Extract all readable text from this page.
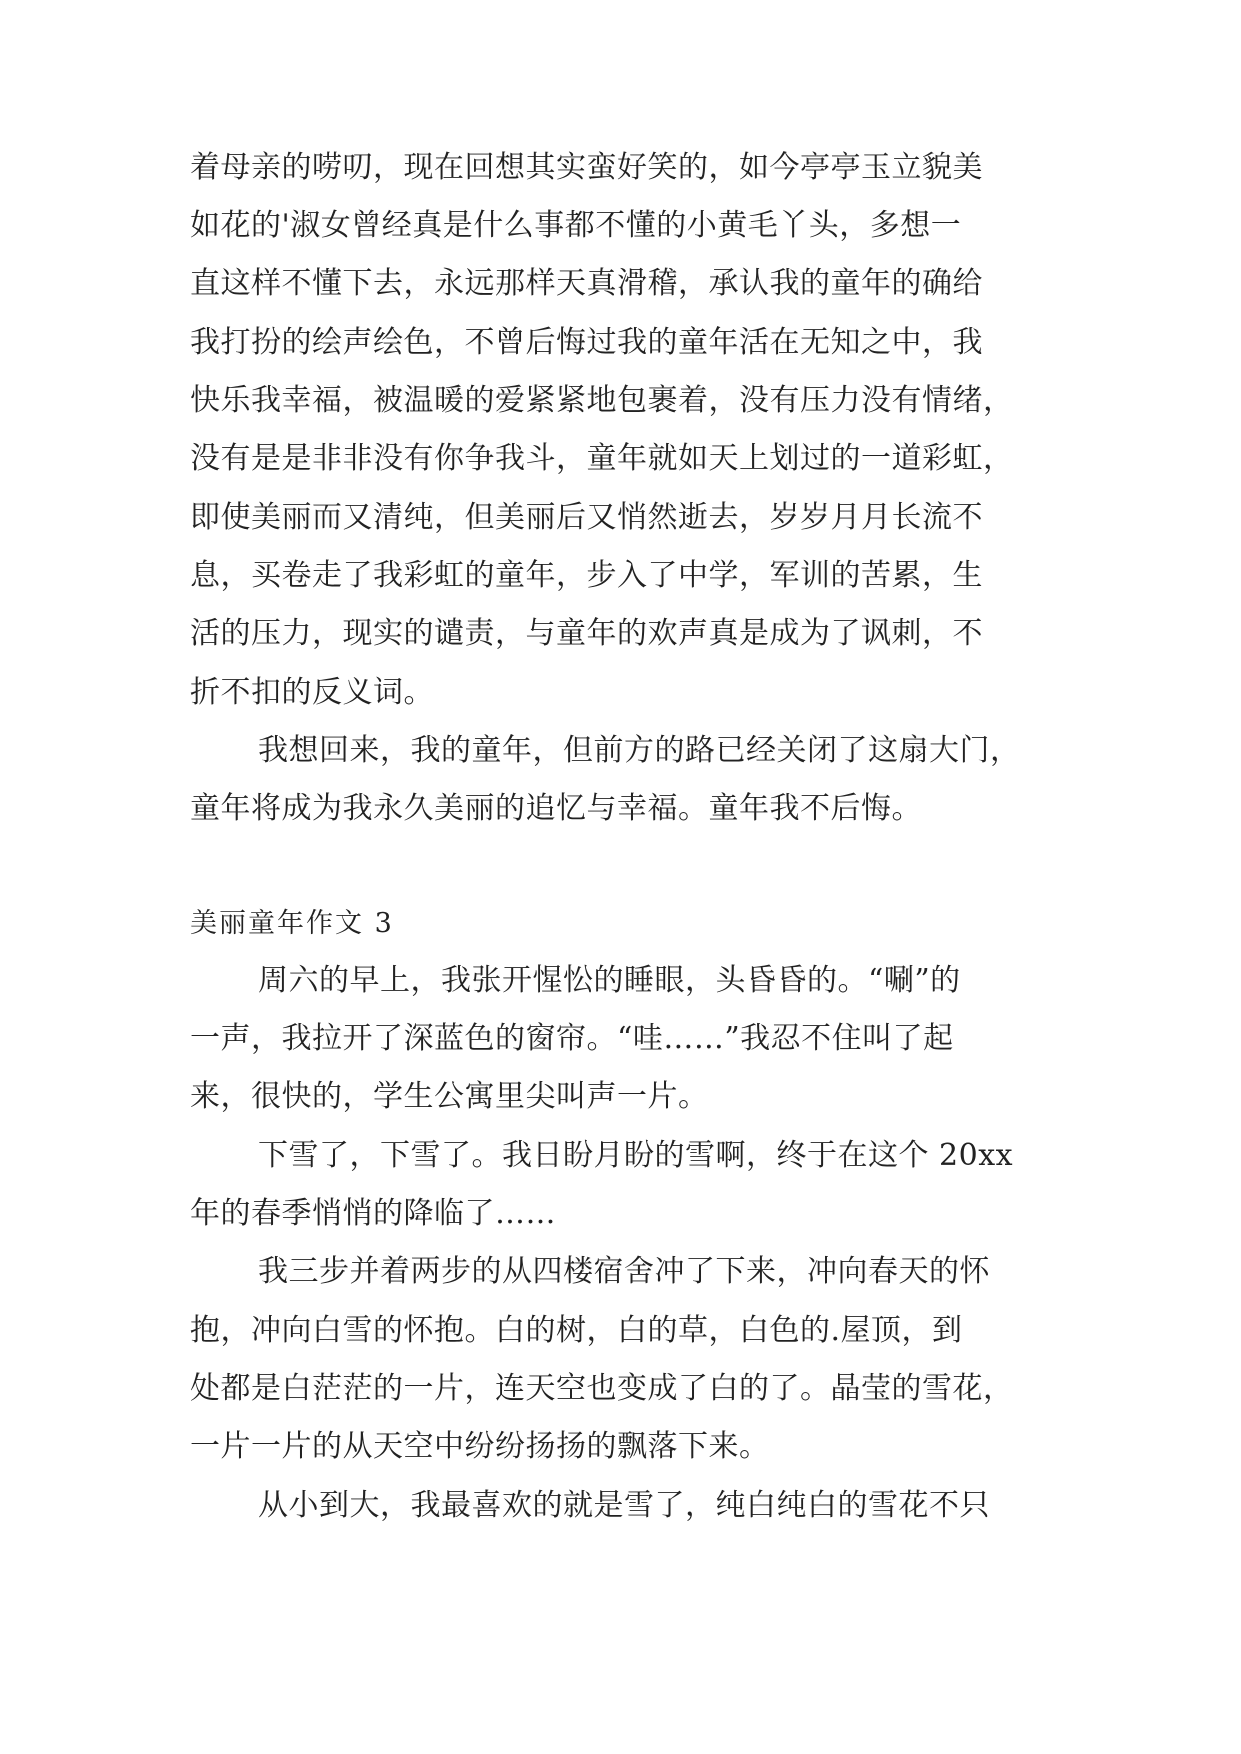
着母亲的唠叨，现在回想其实蛮好笑的，如今亭亭玉立貌美
如花的'淑女曾经真是什么事都不懂的小黄毛丫头，多想一
直这样不懂下去，永远那样天真滑稽，承认我的童年的确给
我打扮的绘声绘色，不曾后悔过我的童年活在无知之中，我
快乐我幸福，被温暖的爱紧紧地包裹着，没有压力没有情绪，
没有是是非非没有你争我斗，童年就如天上划过的一道彩虹，
即使美丽而又清纯，但美丽后又悄然逝去，岁岁月月长流不
息，买卷走了我彩虹的童年，步入了中学，军训的苦累，生
活的压力，现实的谴责，与童年的欢声真是成为了讽刺，不
折不扣的反义词。
我想回来，我的童年，但前方的路已经关闭了这扇大门，
童年将成为我永久美丽的追忆与幸福。童年我不后悔。
美丽童年作文 3
周六的早上，我张开惺忪的睡眼，头昏昏的。“唰”的
一声，我拉开了深蓝色的窗帘。“哇……”我忍不住叫了起
来，很快的，学生公寓里尖叫声一片。
下雪了，下雪了。我日盼月盼的雪啊，终于在这个 20xx
年的春季悄悄的降临了……
我三步并着两步的从四楼宿舍冲了下来，冲向春天的怀
抱，冲向白雪的怀抱。白的树，白的草，白色的.屋顶，到
处都是白茫茫的一片，连天空也变成了白的了。晶莹的雪花，
一片一片的从天空中纷纷扬扬的飘落下来。
从小到大，我最喜欢的就是雪了，纯白纯白的雪花不只
